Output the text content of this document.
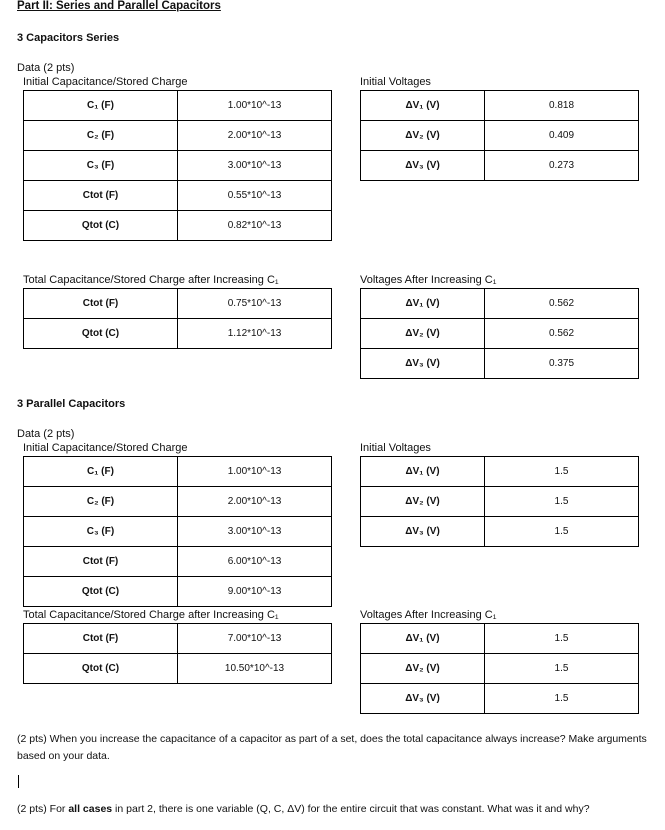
Part II: Series and Parallel Capacitors
3 Capacitors Series
Data (2 pts)
Initial Capacitance/Stored Charge	Initial Voltages
C₁ (F)	1.00*10^-13
C₂ (F)	2.00*10^-13
C₃ (F)	3.00*10^-13
Ctot (F)	0.55*10^-13
Qtot (C)	0.82*10^-13
ΔV₁ (V)	0.818
ΔV₂ (V)	0.409
ΔV₃ (V)	0.273
Total Capacitance/Stored Charge after Increasing C₁	Voltages After Increasing C₁
Ctot (F)	0.75*10^-13
Qtot (C)	1.12*10^-13
ΔV₁ (V)	0.562
ΔV₂ (V)	0.562
ΔV₃ (V)	0.375
3 Parallel Capacitors
Data (2 pts)
Initial Capacitance/Stored Charge	Initial Voltages
C₁ (F)	1.00*10^-13
C₂ (F)	2.00*10^-13
C₃ (F)	3.00*10^-13
Ctot (F)	6.00*10^-13
Qtot (C)	9.00*10^-13
ΔV₁ (V)	1.5
ΔV₂ (V)	1.5
ΔV₃ (V)	1.5
Total Capacitance/Stored Charge after Increasing C₁	Voltages After Increasing C₁
Ctot (F)	7.00*10^-13
Qtot (C)	10.50*10^-13
ΔV₁ (V)	1.5
ΔV₂ (V)	1.5
ΔV₃ (V)	1.5
(2 pts) When you increase the capacitance of a capacitor as part of a set, does the total capacitance always increase? Make arguments based on your data.
(2 pts) For all cases in part 2, there is one variable (Q, C, ΔV) for the entire circuit that was constant. What was it and why?
